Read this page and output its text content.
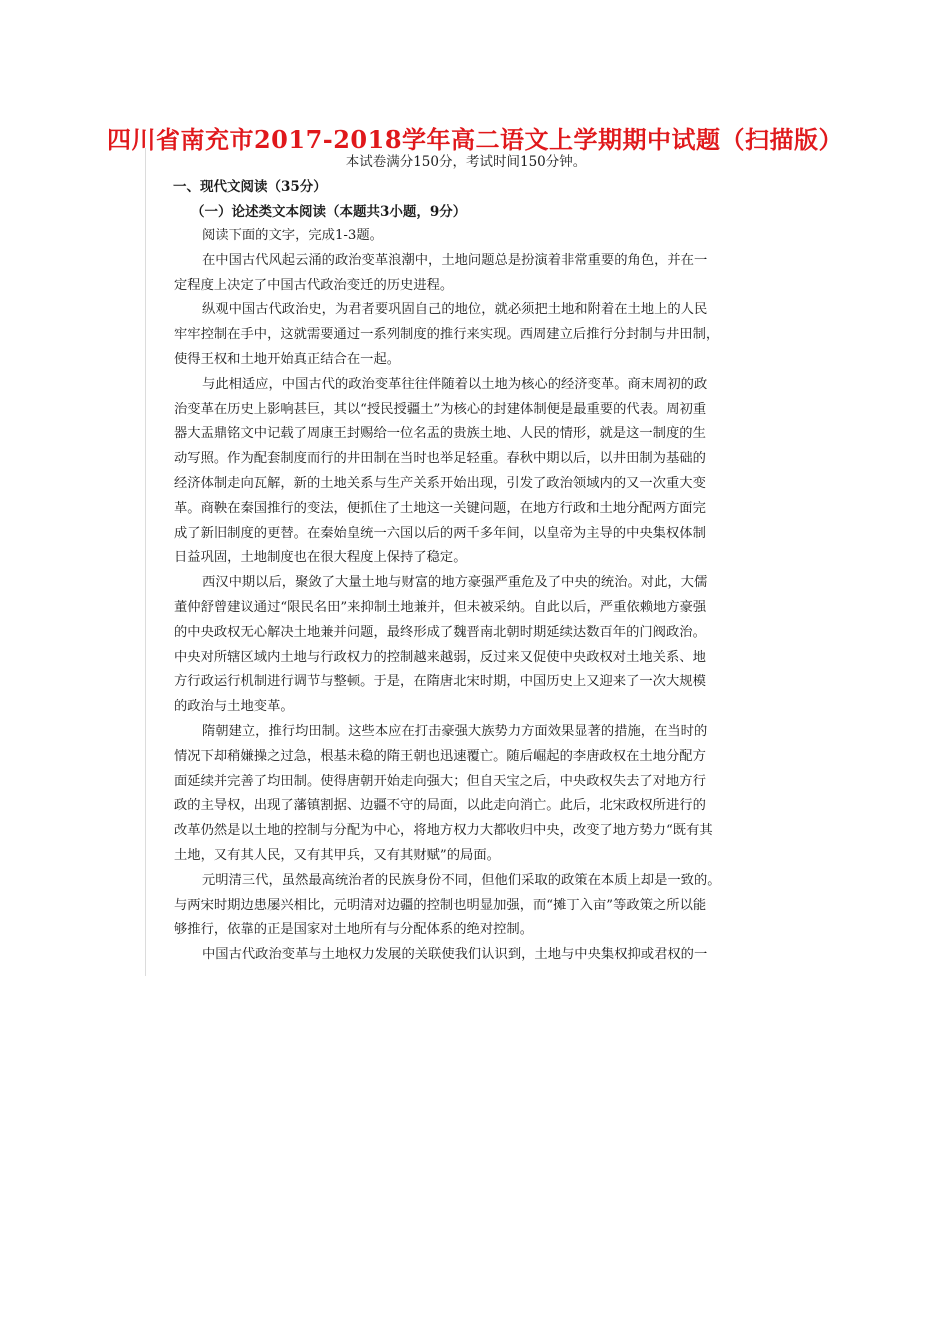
四川省南充市2017-2018学年高二语文上学期期中试题（扫描版）
本试卷满分150分，考试时间150分钟。
一、现代文阅读（35分）
（一）论述类文本阅读（本题共3小题，9分）
阅读下面的文字，完成1-3题。
在中国古代风起云涌的政治变革浪潮中，土地问题总是扮演着非常重要的角色，并在一
定程度上决定了中国古代政治变迁的历史进程。
纵观中国古代政治史，为君者要巩固自己的地位，就必须把土地和附着在土地上的人民
牢牢控制在手中，这就需要通过一系列制度的推行来实现。西周建立后推行分封制与井田制，
使得王权和土地开始真正结合在一起。
与此相适应，中国古代的政治变革往往伴随着以土地为核心的经济变革。商末周初的政
治变革在历史上影响甚巨，其以“授民授疆土”为核心的封建体制便是最重要的代表。周初重
器大盂鼎铭文中记载了周康王封赐给一位名盂的贵族土地、人民的情形，就是这一制度的生
动写照。作为配套制度而行的井田制在当时也举足轻重。春秋中期以后，以井田制为基础的
经济体制走向瓦解，新的土地关系与生产关系开始出现，引发了政治领域内的又一次重大变
革。商鞅在秦国推行的变法，便抓住了土地这一关键问题，在地方行政和土地分配两方面完
成了新旧制度的更替。在秦始皇统一六国以后的两千多年间，以皇帝为主导的中央集权体制
日益巩固，土地制度也在很大程度上保持了稳定。
西汉中期以后，聚敛了大量土地与财富的地方豪强严重危及了中央的统治。对此，大儒
董仲舒曾建议通过“限民名田”来抑制土地兼并，但未被采纳。自此以后，严重依赖地方豪强
的中央政权无心解决土地兼并问题，最终形成了魏晋南北朝时期延续达数百年的门阀政治。
中央对所辖区域内土地与行政权力的控制越来越弱，反过来又促使中央政权对土地关系、地
方行政运行机制进行调节与整顿。于是，在隋唐北宋时期，中国历史上又迎来了一次大规模
的政治与土地变革。
隋朝建立，推行均田制。这些本应在打击豪强大族势力方面效果显著的措施，在当时的
情况下却稍嫌操之过急，根基未稳的隋王朝也迅速覆亡。随后崛起的李唐政权在土地分配方
面延续并完善了均田制。使得唐朝开始走向强大；但自天宝之后，中央政权失去了对地方行
政的主导权，出现了藩镇割据、边疆不守的局面，以此走向消亡。此后，北宋政权所进行的
改革仍然是以土地的控制与分配为中心，将地方权力大都收归中央，改变了地方势力“既有其
土地，又有其人民，又有其甲兵，又有其财赋”的局面。
元明清三代，虽然最高统治者的民族身份不同，但他们采取的政策在本质上却是一致的。
与两宋时期边患屡兴相比，元明清对边疆的控制也明显加强，而“摊丁入亩”等政策之所以能
够推行，依靠的正是国家对土地所有与分配体系的绝对控制。
中国古代政治变革与土地权力发展的关联使我们认识到，土地与中央集权抑或君权的一
